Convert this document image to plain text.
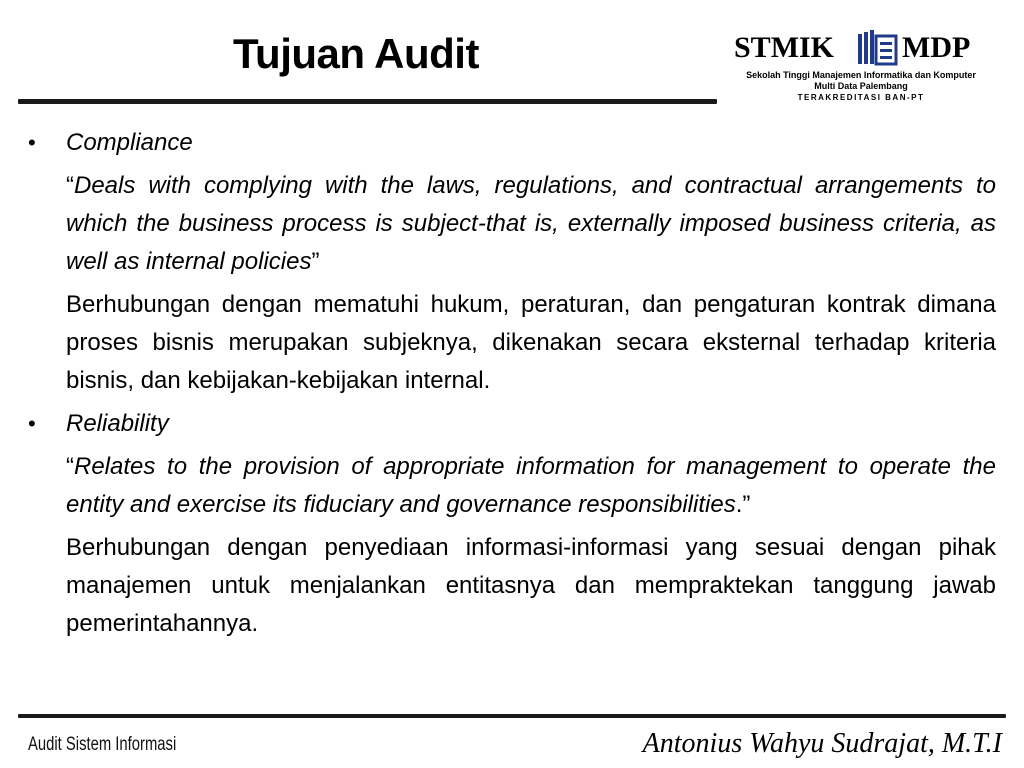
Tujuan Audit	STMIK MDP
Sekolah Tinggi Manajemen Informatika dan Komputer
Multi Data Palembang
TERAKREDITASI BAN-PT
•	Compliance

“Deals with complying with the laws, regulations, and contractual arrangements to which the business process is subject-that is, externally imposed business criteria, as well as internal policies”

Berhubungan dengan mematuhi hukum, peraturan, dan pengaturan kontrak dimana proses bisnis merupakan subjeknya, dikenakan secara eksternal terhadap kriteria bisnis, dan kebijakan-kebijakan internal.

•	Reliability

“Relates to the provision of appropriate information for management to operate the entity and exercise its fiduciary and governance responsibilities.”

Berhubungan dengan penyediaan informasi-informasi yang sesuai dengan pihak manajemen untuk menjalankan entitasnya dan mempraktekan tanggung jawab pemerintahannya.

Audit Sistem Informasi	Antonius Wahyu Sudrajat, M.T.I
